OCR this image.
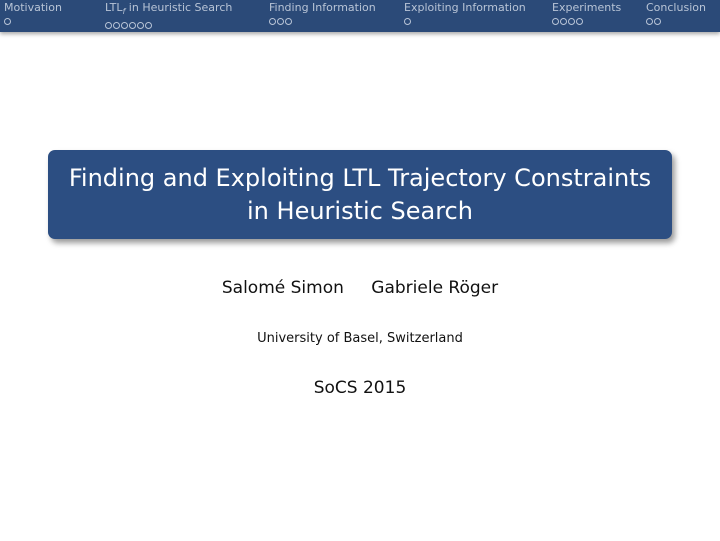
Motivation	$LTL_f$ in Heuristic Search	Finding Information	Exploiting Information Experiments Conclusion
Finding and Exploiting LTL Trajectory Constraints
in Heuristic Search
Salomé Simon Gabriele Röger
University of Basel, Switzerland
SoCS 2015
